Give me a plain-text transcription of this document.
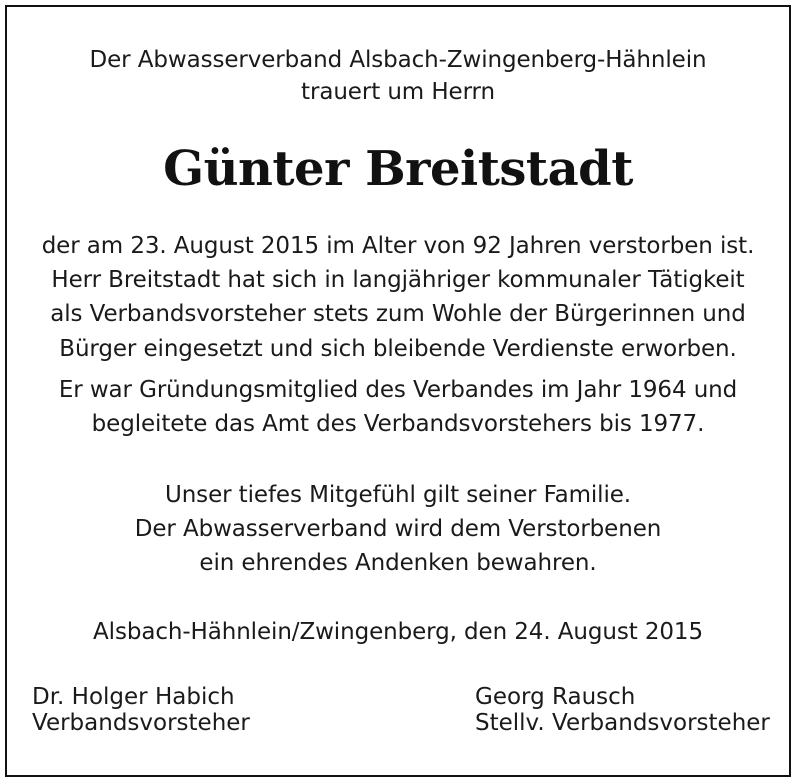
Der Abwasserverband Alsbach-Zwingenberg-Hähnlein
trauert um Herrn
Günter Breitstadt
der am 23. August 2015 im Alter von 92 Jahren verstorben ist.
Herr Breitstadt hat sich in langjähriger kommunaler Tätigkeit
als Verbandsvorsteher stets zum Wohle der Bürgerinnen und
Bürger eingesetzt und sich bleibende Verdienste erworben.
Er war Gründungsmitglied des Verbandes im Jahr 1964 und
begleitete das Amt des Verbandsvorstehers bis 1977.
Unser tiefes Mitgefühl gilt seiner Familie.
Der Abwasserverband wird dem Verstorbenen
ein ehrendes Andenken bewahren.
Alsbach-Hähnlein/Zwingenberg, den 24. August 2015
Dr. Holger Habich
Verbandsvorsteher
Georg Rausch
Stellv. Verbandsvorsteher
